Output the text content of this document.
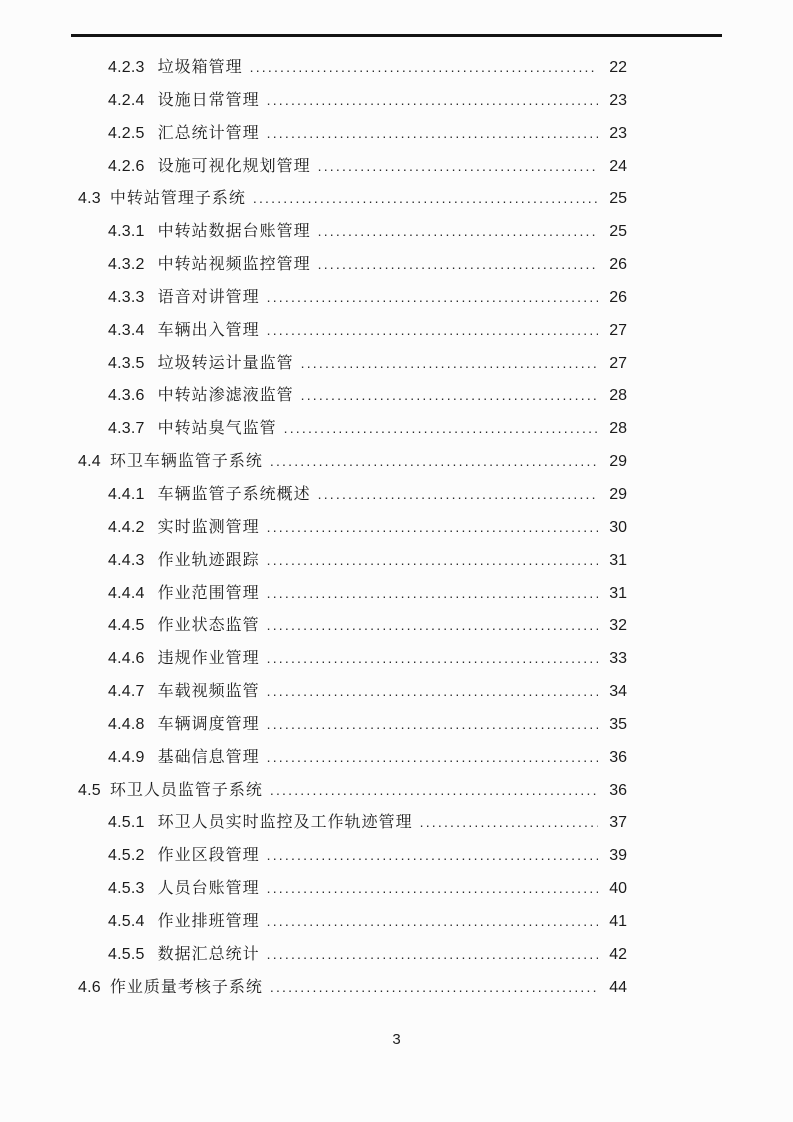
4.2.3 垃圾箱管理 .....	22
4.2.4 设施日常管理 .....	23
4.2.5 汇总统计管理 .....	23
4.2.6 设施可视化规划管理 .....	24
4.3 中转站管理子系统 .....	25
4.3.1 中转站数据台账管理 .....	25
4.3.2 中转站视频监控管理 .....	26
4.3.3 语音对讲管理 .....	26
4.3.4 车辆出入管理 .....	27
4.3.5 垃圾转运计量监管 .....	27
4.3.6 中转站渗滤液监管 .....	28
4.3.7 中转站臭气监管 .....	28
4.4 环卫车辆监管子系统 .....	29
4.4.1 车辆监管子系统概述 .....	29
4.4.2 实时监测管理 .....	30
4.4.3 作业轨迹跟踪 .....	31
4.4.4 作业范围管理 .....	31
4.4.5 作业状态监管 .....	32
4.4.6 违规作业管理 .....	33
4.4.7 车载视频监管 .....	34
4.4.8 车辆调度管理 .....	35
4.4.9 基础信息管理 .....	36
4.5 环卫人员监管子系统 .....	36
4.5.1 环卫人员实时监控及工作轨迹管理 .....	37
4.5.2 作业区段管理 .....	39
4.5.3 人员台账管理 .....	40
4.5.4 作业排班管理 .....	41
4.5.5 数据汇总统计 .....	42
4.6 作业质量考核子系统 .....	44
3
